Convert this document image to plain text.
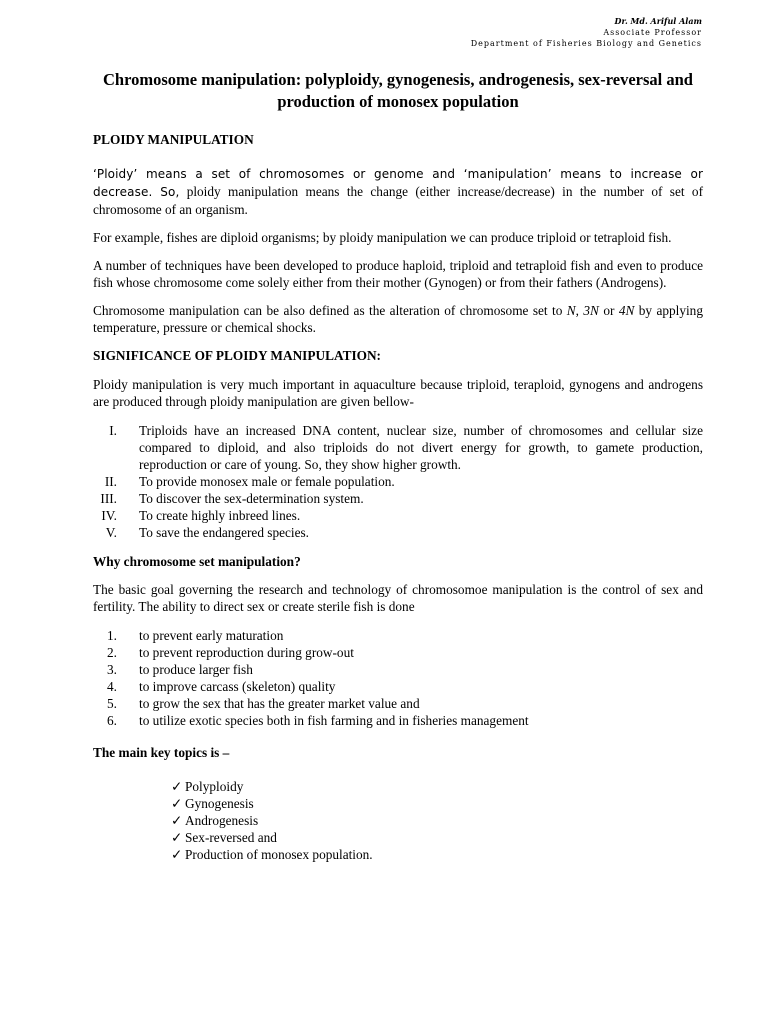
Dr. Md. Ariful Alam
Associate Professor
Department of Fisheries Biology and Genetics
Chromosome manipulation: polyploidy, gynogenesis, androgenesis, sex-reversal and production of monosex population
PLOIDY MANIPULATION

‘Ploidy’ means a set of chromosomes or genome and ‘manipulation’ means to increase or decrease. So, ploidy manipulation means the change (either increase/decrease) in the number of set of chromosome of an organism.

For example, fishes are diploid organisms; by ploidy manipulation we can produce triploid or tetraploid fish.

A number of techniques have been developed to produce haploid, triploid and tetraploid fish and even to produce fish whose chromosome come solely either from their mother (Gynogen) or from their fathers (Androgens).

Chromosome manipulation can be also defined as the alteration of chromosome set to N, 3N or 4N by applying temperature, pressure or chemical shocks.

SIGNIFICANCE OF PLOIDY MANIPULATION:

Ploidy manipulation is very much important in aquaculture because triploid, teraploid, gynogens and androgens are produced through ploidy manipulation are given bellow-

I. Triploids have an increased DNA content, nuclear size, number of chromosomes and cellular size compared to diploid, and also triploids do not divert energy for growth, to gamete production, reproduction or care of young. So, they show higher growth.
II. To provide monosex male or female population.
III. To discover the sex-determination system.
IV. To create highly inbreed lines.
V. To save the endangered species.
Why chromosome set manipulation?

The basic goal governing the research and technology of chromosomoe manipulation is the control of sex and fertility. The ability to direct sex or create sterile fish is done

1. to prevent early maturation
2. to prevent reproduction during grow-out
3. to produce larger fish
4. to improve carcass (skeleton) quality
5. to grow the sex that has the greater market value and
6. to utilize exotic species both in fish farming and in fisheries management
The main key topics is –
✓ Polyploidy
✓ Gynogenesis
✓ Androgenesis
✓ Sex-reversed and
✓ Production of monosex population.
